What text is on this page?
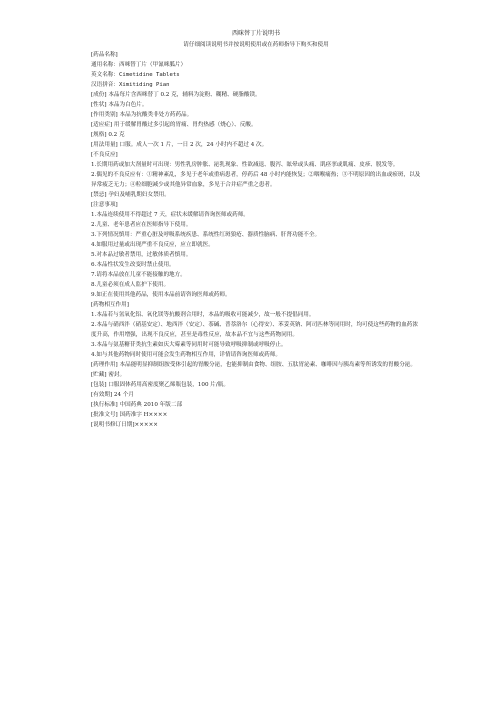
西咪替丁片说明书

请仔细阅读说明书并按说明使用或在药师指导下购买和使用

[药品名称]

通用名称：西咪替丁片（甲氰咪胍片）

英文名称：Cimetidine Tablets

汉语拼音：Ximitiding Pian

[成份] 本品每片含西咪替丁 0.2 克，辅料为淀粉、糊精、硬脂酸镁。

[性状] 本品为白色片。

[作用类别] 本品为抗酸类非处方药药品。

[适应症] 用于缓解胃酸过多引起的胃痛、胃灼热感（烧心）、反酸。

[规格] 0.2 克

[用法用量] 口服。成人一次 1 片，一日 2 次，24 小时内不超过 4 次。

[不良反应]

1.长期用药或加大剂量时可出现：男性乳房肿胀、泌乳现象、性欲减退、腹泻、眩晕或头痛、肌痉挛或肌痛、皮疹、脱发等。

2.偶见的不良反应有：①精神紊乱，多见于老年或重病患者，停药后 48 小时内能恢复；②咽喉痛热；③不明原因的出血或瘀斑，以及异常疲乏无力；④粒细胞减少或其他异常血象，多见于合并症严重之患者。

[禁忌] 孕妇及哺乳期妇女禁用。

[注意事项]

1.本品连续使用不得超过 7 天，症状未缓解请咨询医师或药师。

2.儿童、老年患者应在医师指导下使用。

3.下列情况慎用：严重心脏及呼吸系统疾患、系统性红斑狼疮、器质性脑病、肝肾功能不全。

4.如服用过量或出现严重不良反应，应立即就医。

5.对本品过敏者禁用，过敏体质者慎用。

6.本品性状发生改变时禁止使用。

7.请将本品放在儿童不能接触的地方。

8.儿童必须在成人监护下使用。

9.如正在使用其他药品，使用本品前请咨询医师或药师。

[药物相互作用]

1.本品若与氢氧化铝、氧化镁等抗酸剂合用时，本品的吸收可能减少，故一般不提倡同用。

2.本品与硝西泮（硝基安定）、地西泮（安定）、茶碱、普萘洛尔（心得安）、苯妥英钠、阿司匹林等同用时，均可使这些药物的血药浓度升高，作用增强，出现不良反应，甚至是毒性反应，故本品不宜与这些药物同用。

3.本品与氨基糖苷类抗生素如庆大霉素等同用时可能导致呼吸抑制或呼吸停止。

4.如与其他药物同时使用可能会发生药物相互作用，详情请咨询医师或药师。

[药理作用] 本品能明显抑制组胺受体引起的胃酸分泌，也能抑制由食物、组胺、五肽胃泌素、咖啡因与胰岛素等所诱发的胃酸分泌。

[贮藏] 密封。

[包装] 口服固体药用高密度聚乙烯瓶包装，100 片/瓶。

[有效期] 24 个月

[执行标准] 中国药典 2010 年版二部

[批准文号] 国药准字 H××××

[说明书修订日期]×××××
